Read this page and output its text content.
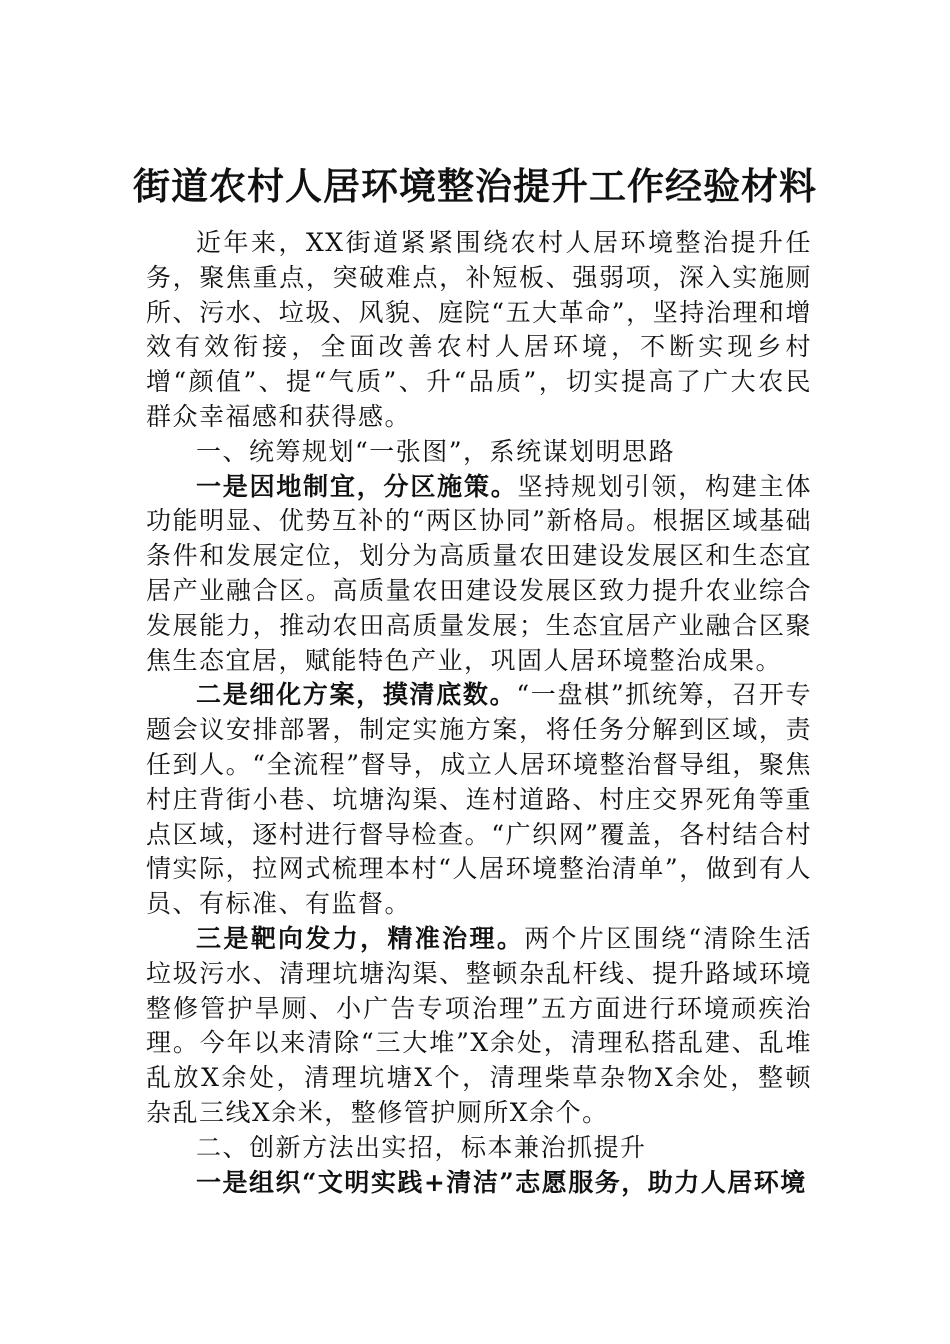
街道农村人居环境整治提升工作经验材料

近年来，XX街道紧紧围绕农村人居环境整治提升任务，聚焦重点，突破难点，补短板、强弱项，深入实施厕所、污水、垃圾、风貌、庭院“五大革命”，坚持治理和增效有效衔接，全面改善农村人居环境，不断实现乡村增“颜值”、提“气质”、升“品质”，切实提高了广大农民群众幸福感和获得感。

一、统筹规划“一张图”，系统谋划明思路

一是因地制宜，分区施策。坚持规划引领，构建主体功能明显、优势互补的“两区协同”新格局。根据区域基础条件和发展定位，划分为高质量农田建设发展区和生态宜居产业融合区。高质量农田建设发展区致力提升农业综合发展能力，推动农田高质量发展；生态宜居产业融合区聚焦生态宜居，赋能特色产业，巩固人居环境整治成果。

二是细化方案，摸清底数。“一盘棋”抓统筹，召开专题会议安排部署，制定实施方案，将任务分解到区域，责任到人。“全流程”督导，成立人居环境整治督导组，聚焦村庄背街小巷、坑塘沟渠、连村道路、村庄交界死角等重点区域，逐村进行督导检查。“广织网”覆盖，各村结合村情实际，拉网式梳理本村“人居环境整治清单”，做到有人员、有标准、有监督。

三是靶向发力，精准治理。两个片区围绕“清除生活垃圾污水、清理坑塘沟渠、整顿杂乱杆线、提升路域环境整修管护旱厕、小广告专项治理”五方面进行环境顽疾治理。今年以来清除“三大堆”X余处，清理私搭乱建、乱堆乱放X余处，清理坑塘X个，清理柴草杂物X余处，整顿杂乱三线X余米，整修管护厕所X余个。

二、创新方法出实招，标本兼治抓提升

一是组织“文明实践+清洁”志愿服务，助力人居环境
